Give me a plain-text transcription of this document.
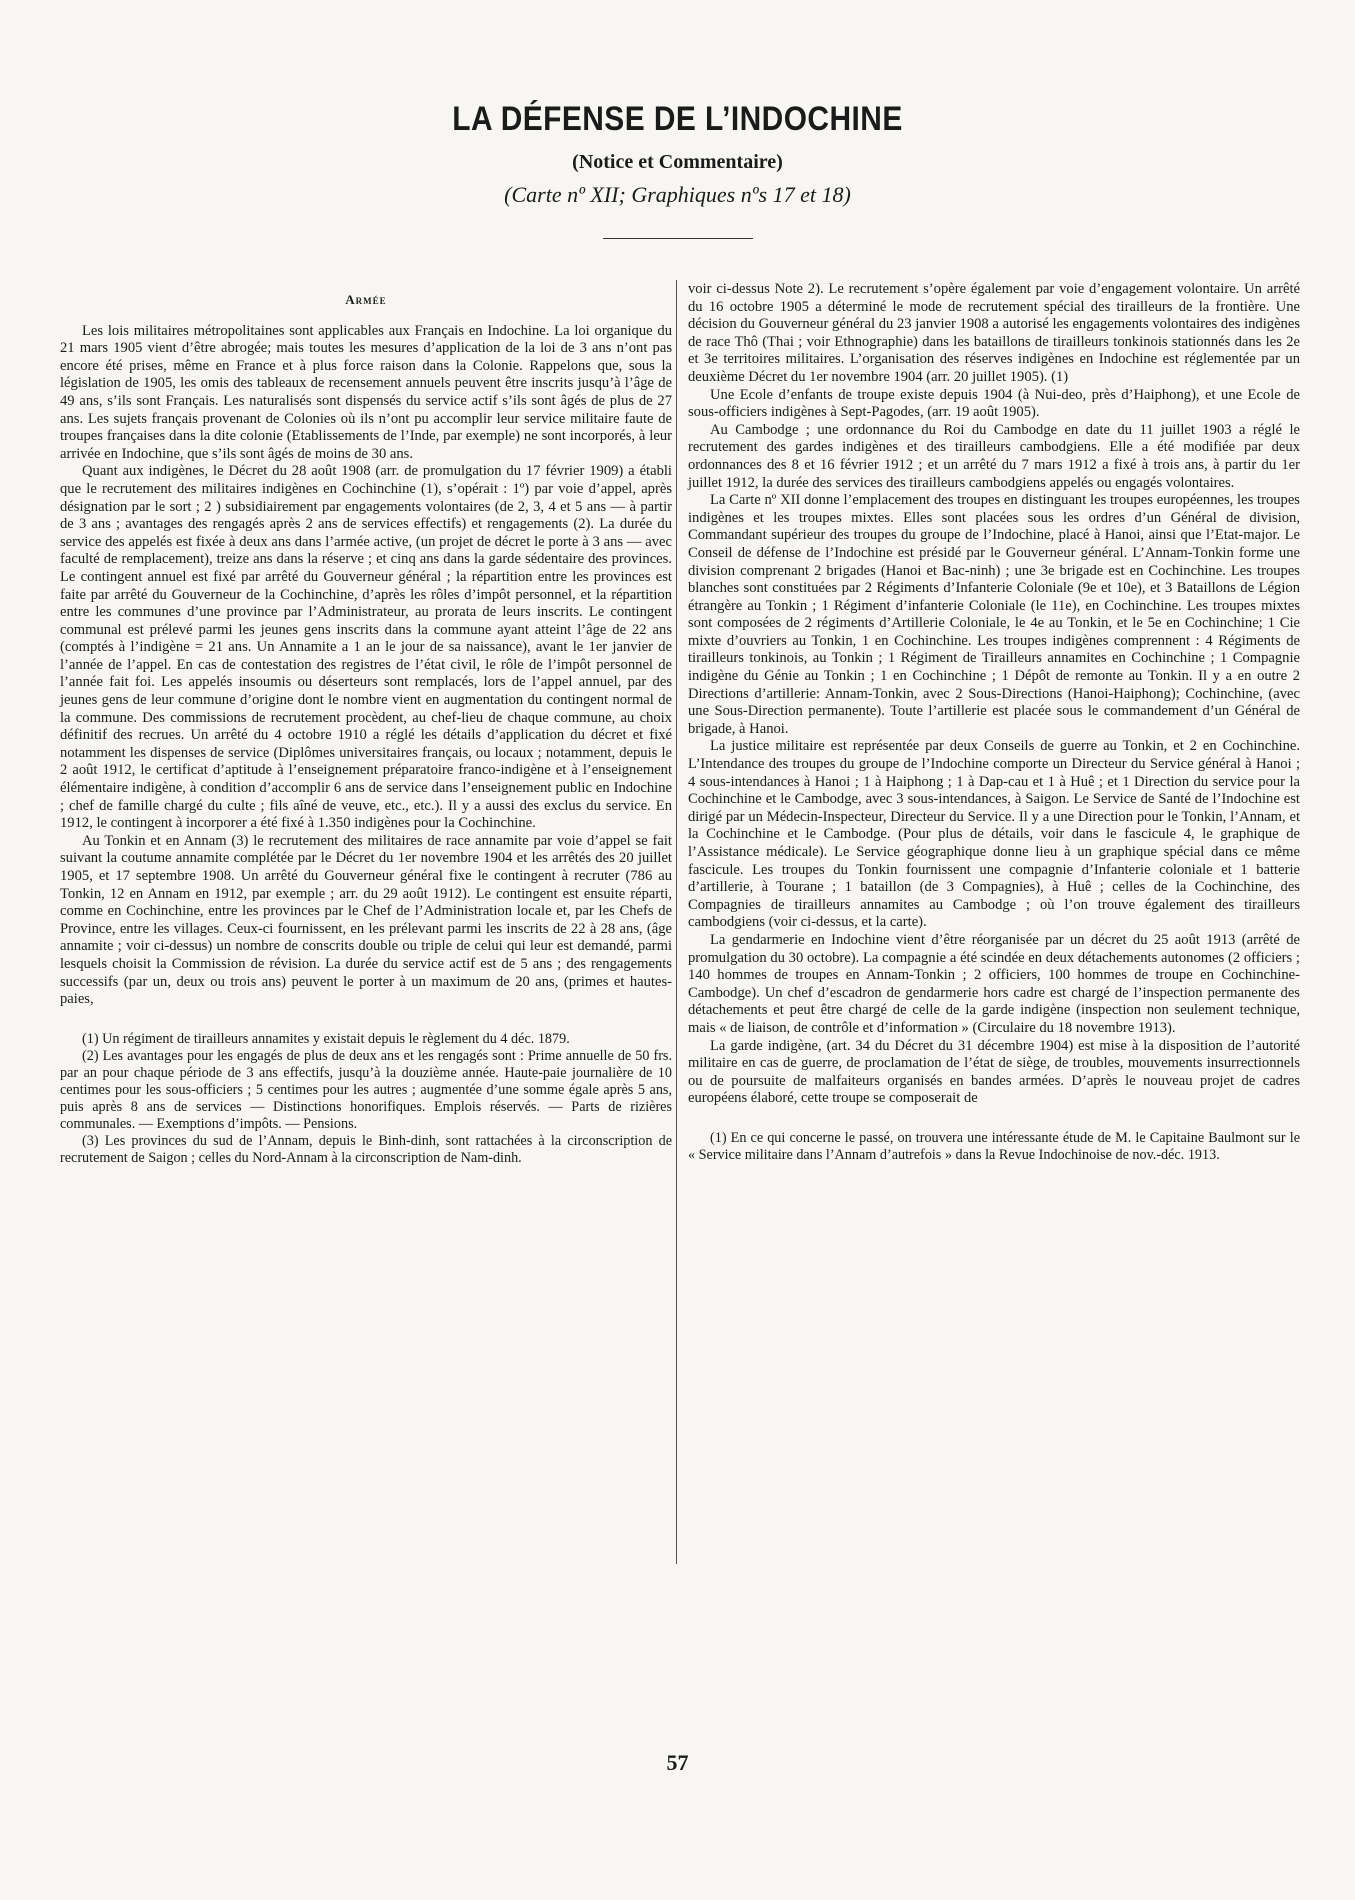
LA DÉFENSE DE L’INDOCHINE
(Notice et Commentaire)
(Carte nº XII; Graphiques nºs 17 et 18)
Armée

Les lois militaires métropolitaines sont applicables aux Français en Indochine. La loi organique du 21 mars 1905 vient d’être abrogée; mais toutes les mesures d’application de la loi de 3 ans n’ont pas encore été prises, même en France et à plus force raison dans la Colonie. Rappelons que, sous la législation de 1905, les omis des tableaux de recensement annuels peuvent être inscrits jusqu’à l’âge de 49 ans, s’ils sont Français. Les naturalisés sont dispensés du service actif s’ils sont âgés de plus de 27 ans. Les sujets français provenant de Colonies où ils n’ont pu accomplir leur service militaire faute de troupes françaises dans la dite colonie (Etablissements de l’Inde, par exemple) ne sont incorporés, à leur arrivée en Indochine, que s’ils sont âgés de moins de 30 ans.

Quant aux indigènes, le Décret du 28 août 1908 (arr. de promulgation du 17 février 1909) a établi que le recrutement des militaires indigènes en Cochinchine (1), s’opérait : 1º) par voie d’appel, après désignation par le sort ; 2 ) subsidiairement par engagements volontaires (de 2, 3, 4 et 5 ans — à partir de 3 ans ; avantages des rengagés après 2 ans de services effectifs) et rengagements (2). La durée du service des appelés est fixée à deux ans dans l’armée active, (un projet de décret le porte à 3 ans — avec faculté de remplacement), treize ans dans la réserve ; et cinq ans dans la garde sédentaire des provinces. Le contingent annuel est fixé par arrêté du Gouverneur général ; la répartition entre les provinces est faite par arrêté du Gouverneur de la Cochinchine, d’après les rôles d’impôt personnel, et la répartition entre les communes d’une province par l’Administrateur, au prorata de leurs inscrits. Le contingent communal est prélevé parmi les jeunes gens inscrits dans la commune ayant atteint l’âge de 22 ans (comptés à l’indigène = 21 ans. Un Annamite a 1 an le jour de sa naissance), avant le 1er janvier de l’année de l’appel. En cas de contestation des registres de l’état civil, le rôle de l’impôt personnel de l’année fait foi. Les appelés insoumis ou déserteurs sont remplacés, lors de l’appel annuel, par des jeunes gens de leur commune d’origine dont le nombre vient en augmentation du contingent normal de la commune. Des commissions de recrutement procèdent, au chef-lieu de chaque commune, au choix définitif des recrues. Un arrêté du 4 octobre 1910 a réglé les détails d’application du décret et fixé notamment les dispenses de service (Diplômes universitaires français, ou locaux ; notamment, depuis le 2 août 1912, le certificat d’aptitude à l’enseignement préparatoire franco-indigène et à l’enseignement élémentaire indigène, à condition d’accomplir 6 ans de service dans l’enseignement public en Indochine ; chef de famille chargé du culte ; fils aîné de veuve, etc., etc.). Il y a aussi des exclus du service. En 1912, le contingent à incorporer a été fixé à 1.350 indigènes pour la Cochinchine.

Au Tonkin et en Annam (3) le recrutement des militaires de race annamite par voie d’appel se fait suivant la coutume annamite complétée par le Décret du 1er novembre 1904 et les arrêtés des 20 juillet 1905, et 17 septembre 1908. Un arrêté du Gouverneur général fixe le contingent à recruter (786 au Tonkin, 12 en Annam en 1912, par exemple ; arr. du 29 août 1912). Le contingent est ensuite réparti, comme en Cochinchine, entre les provinces par le Chef de l’Administration locale et, par les Chefs de Province, entre les villages. Ceux-ci fournissent, en les prélevant parmi les inscrits de 22 à 28 ans, (âge annamite ; voir ci-dessus) un nombre de conscrits double ou triple de celui qui leur est demandé, parmi lesquels choisit la Commission de révision. La durée du service actif est de 5 ans ; des rengagements successifs (par un, deux ou trois ans) peuvent le porter à un maximum de 20 ans, (primes et hautes-paies,

(1) Un régiment de tirailleurs annamites y existait depuis le règlement du 4 déc. 1879.

(2) Les avantages pour les engagés de plus de deux ans et les rengagés sont : Prime annuelle de 50 frs. par an pour chaque période de 3 ans effectifs, jusqu’à la douzième année. Haute-paie journalière de 10 centimes pour les sous-officiers ; 5 centimes pour les autres ; augmentée d’une somme égale après 5 ans, puis après 8 ans de services — Distinctions honorifiques. Emplois réservés. — Parts de rizières communales. — Exemptions d’impôts. — Pensions.

(3) Les provinces du sud de l’Annam, depuis le Binh-dinh, sont rattachées à la circonscription de recrutement de Saigon ; celles du Nord-Annam à la circonscription de Nam-dinh.

voir ci-dessus Note 2). Le recrutement s’opère également par voie d’engagement volontaire. Un arrêté du 16 octobre 1905 a déterminé le mode de recrutement spécial des tirailleurs de la frontière. Une décision du Gouverneur général du 23 janvier 1908 a autorisé les engagements volontaires des indigènes de race Thô (Thai ; voir Ethnographie) dans les bataillons de tirailleurs tonkinois stationnés dans les 2e et 3e territoires militaires. L’organisation des réserves indigènes en Indochine est réglementée par un deuxième Décret du 1er novembre 1904 (arr. 20 juillet 1905). (1)

Une Ecole d’enfants de troupe existe depuis 1904 (à Nui-deo, près d’Haiphong), et une Ecole de sous-officiers indigènes à Sept-Pagodes, (arr. 19 août 1905).

Au Cambodge ; une ordonnance du Roi du Cambodge en date du 11 juillet 1903 a réglé le recrutement des gardes indigènes et des tirailleurs cambodgiens. Elle a été modifiée par deux ordonnances des 8 et 16 février 1912 ; et un arrêté du 7 mars 1912 a fixé à trois ans, à partir du 1er juillet 1912, la durée des services des tirailleurs cambodgiens appelés ou engagés volontaires.

La Carte nº XII donne l’emplacement des troupes en distinguant les troupes européennes, les troupes indigènes et les troupes mixtes. Elles sont placées sous les ordres d’un Général de division, Commandant supérieur des troupes du groupe de l’Indochine, placé à Hanoi, ainsi que l’Etat-major. Le Conseil de défense de l’Indochine est présidé par le Gouverneur général. L’Annam-Tonkin forme une division comprenant 2 brigades (Hanoi et Bac-ninh) ; une 3e brigade est en Cochinchine. Les troupes blanches sont constituées par 2 Régiments d’Infanterie Coloniale (9e et 10e), et 3 Bataillons de Légion étrangère au Tonkin ; 1 Régiment d’infanterie Coloniale (le 11e), en Cochinchine. Les troupes mixtes sont composées de 2 régiments d’Artillerie Coloniale, le 4e au Tonkin, et le 5e en Cochinchine; 1 Cie mixte d’ouvriers au Tonkin, 1 en Cochinchine. Les troupes indigènes comprennent : 4 Régiments de tirailleurs tonkinois, au Tonkin ; 1 Régiment de Tirailleurs annamites en Cochinchine ; 1 Compagnie indigène du Génie au Tonkin ; 1 en Cochinchine ; 1 Dépôt de remonte au Tonkin. Il y a en outre 2 Directions d’artillerie: Annam-Tonkin, avec 2 Sous-Directions (Hanoi-Haiphong); Cochinchine, (avec une Sous-Direction permanente). Toute l’artillerie est placée sous le commandement d’un Général de brigade, à Hanoi.

La justice militaire est représentée par deux Conseils de guerre au Tonkin, et 2 en Cochinchine. L’Intendance des troupes du groupe de l’Indochine comporte un Directeur du Service général à Hanoi ; 4 sous-intendances à Hanoi ; 1 à Haiphong ; 1 à Dap-cau et 1 à Huê ; et 1 Direction du service pour la Cochinchine et le Cambodge, avec 3 sous-intendances, à Saigon. Le Service de Santé de l’Indochine est dirigé par un Médecin-Inspecteur, Directeur du Service. Il y a une Direction pour le Tonkin, l’Annam, et la Cochinchine et le Cambodge. (Pour plus de détails, voir dans le fascicule 4, le graphique de l’Assistance médicale). Le Service géographique donne lieu à un graphique spécial dans ce même fascicule. Les troupes du Tonkin fournissent une compagnie d’Infanterie coloniale et 1 batterie d’artillerie, à Tourane ; 1 bataillon (de 3 Compagnies), à Huê ; celles de la Cochinchine, des Compagnies de tirailleurs annamites au Cambodge ; où l’on trouve également des tirailleurs cambodgiens (voir ci-dessus, et la carte).

La gendarmerie en Indochine vient d’être réorganisée par un décret du 25 août 1913 (arrêté de promulgation du 30 octobre). La compagnie a été scindée en deux détachements autonomes (2 officiers ; 140 hommes de troupes en Annam-Tonkin ; 2 officiers, 100 hommes de troupe en Cochinchine-Cambodge). Un chef d’escadron de gendarmerie hors cadre est chargé de l’inspection permanente des détachements et peut être chargé de celle de la garde indigène (inspection non seulement technique, mais « de liaison, de contrôle et d’information » (Circulaire du 18 novembre 1913).

La garde indigène, (art. 34 du Décret du 31 décembre 1904) est mise à la disposition de l’autorité militaire en cas de guerre, de proclamation de l’état de siège, de troubles, mouvements insurrectionnels ou de poursuite de malfaiteurs organisés en bandes armées. D’après le nouveau projet de cadres européens élaboré, cette troupe se composerait de

(1) En ce qui concerne le passé, on trouvera une intéressante étude de M. le Capitaine Baulmont sur le « Service militaire dans l’Annam d’autrefois » dans la Revue Indochinoise de nov.-déc. 1913.

57
